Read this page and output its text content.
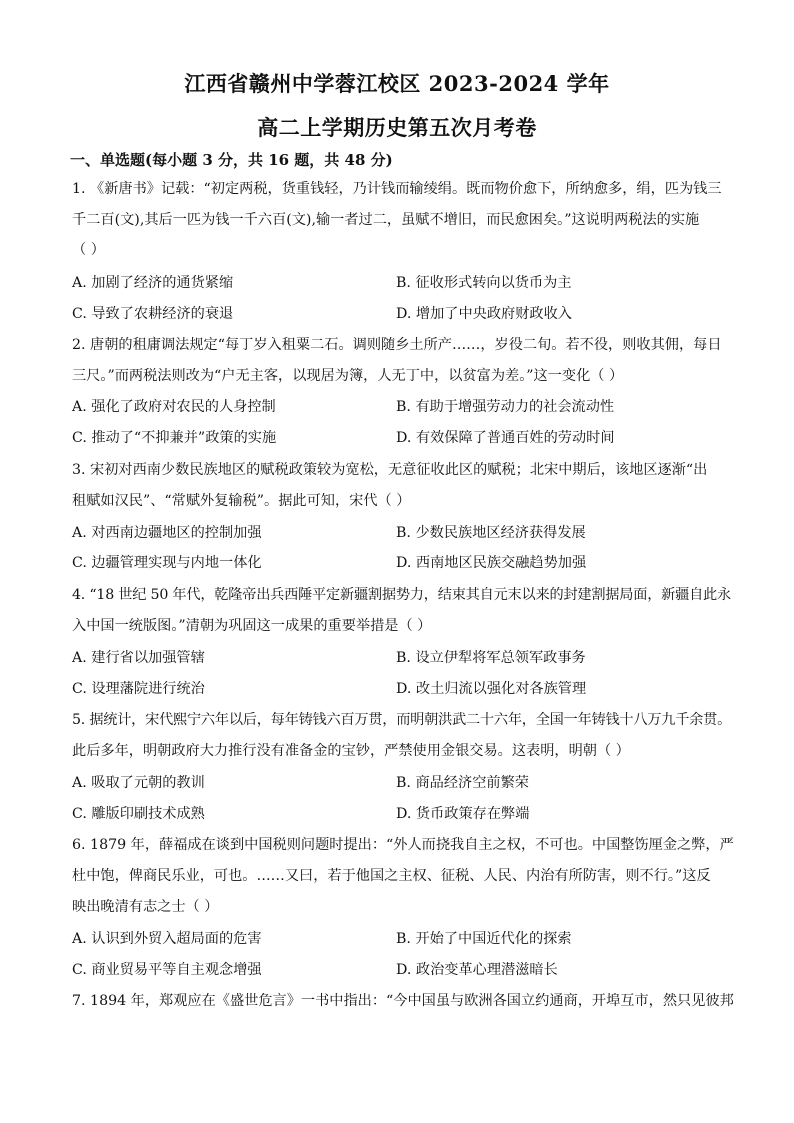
江西省赣州中学蓉江校区 2023-2024 学年
高二上学期历史第五次月考卷
一、单选题(每小题 3 分，共 16 题，共 48 分)
1. 《新唐书》记载：“初定两税，货重钱轻，乃计钱而输绫绢。既而物价愈下，所纳愈多，绢，匹为钱三
千二百(文),其后一匹为钱一千六百(文),输一者过二，虽赋不增旧，而民愈困矣。”这说明两税法的实施
（ ）
A. 加剧了经济的通货紧缩	B. 征收形式转向以货币为主
C. 导致了农耕经济的衰退	D. 增加了中央政府财政收入
2. 唐朝的租庸调法规定“每丁岁入租粟二石。调则随乡土所产……，岁役二旬。若不役，则收其佣，每日
三尺。”而两税法则改为“户无主客，以现居为簿，人无丁中，以贫富为差。”这一变化（ ）
A. 强化了政府对农民的人身控制	B. 有助于增强劳动力的社会流动性
C. 推动了“不抑兼并”政策的实施	D. 有效保障了普通百姓的劳动时间
3. 宋初对西南少数民族地区的赋税政策较为宽松，无意征收此区的赋税；北宋中期后，该地区逐渐“出
租赋如汉民”、“常赋外复输税”。据此可知，宋代（ ）
A. 对西南边疆地区的控制加强	B. 少数民族地区经济获得发展
C. 边疆管理实现与内地一体化	D. 西南地区民族交融趋势加强
4. “18 世纪 50 年代，乾隆帝出兵西陲平定新疆割据势力，结束其自元末以来的封建割据局面，新疆自此永
入中国一统版图。”清朝为巩固这一成果的重要举措是（ ）
A. 建行省以加强管辖	B. 设立伊犁将军总领军政事务
C. 设理藩院进行统治	D. 改土归流以强化对各族管理
5. 据统计，宋代熙宁六年以后，每年铸钱六百万贯，而明朝洪武二十六年，全国一年铸钱十八万九千余贯。
此后多年，明朝政府大力推行没有准备金的宝钞，严禁使用金银交易。这表明，明朝（ ）
A. 吸取了元朝的教训	B. 商品经济空前繁荣
C. 雕版印刷技术成熟	D. 货币政策存在弊端
6. 1879 年，薛福成在谈到中国税则问题时提出：“外人而挠我自主之权，不可也。中国整饬厘金之弊，严
杜中饱，俾商民乐业，可也。……又曰，若于他国之主权、征税、人民、内治有所防害，则不行。”这反
映出晚清有志之士（ ）
A. 认识到外贸入超局面的危害	B. 开始了中国近代化的探索
C. 商业贸易平等自主观念增强	D. 政治变革心理潜滋暗长
7. 1894 年，郑观应在《盛世危言》一书中指出：“今中国虽与欧洲各国立约通商，开埠互市，然只见彼邦
